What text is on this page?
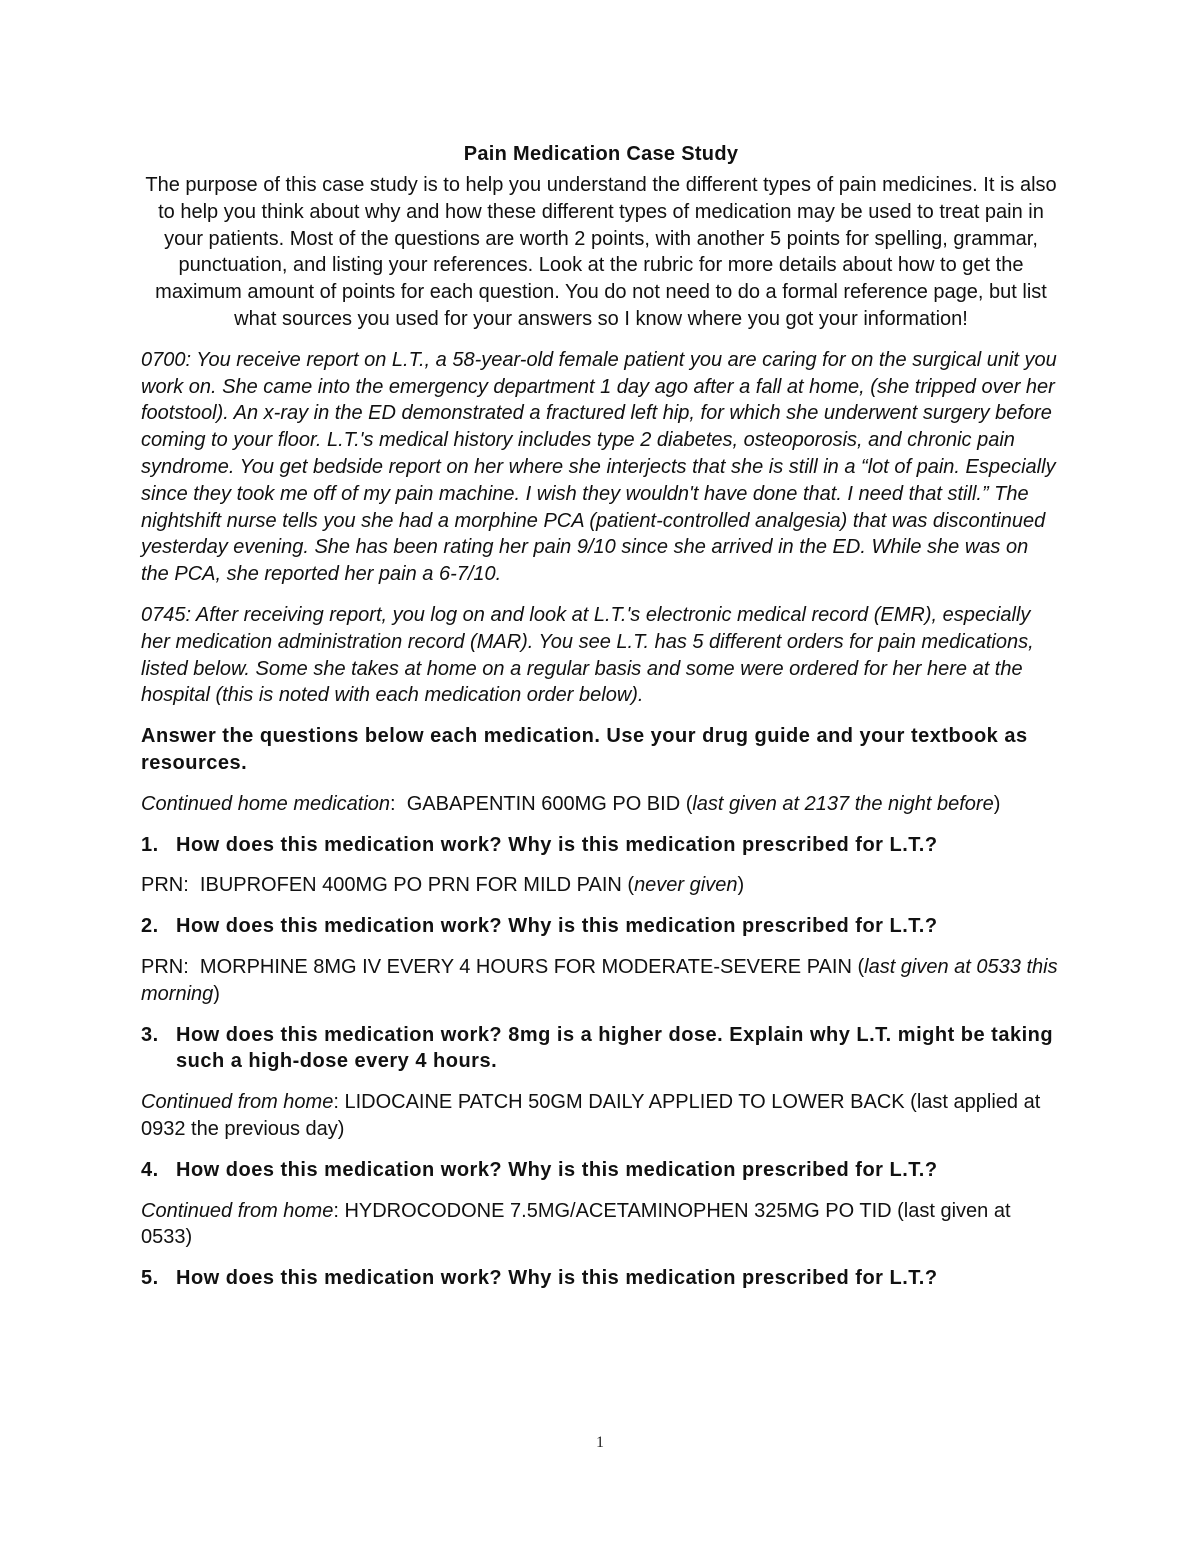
Pain Medication Case Study

The purpose of this case study is to help you understand the different types of pain medicines. It is also to help you think about why and how these different types of medication may be used to treat pain in your patients. Most of the questions are worth 2 points, with another 5 points for spelling, grammar, punctuation, and listing your references. Look at the rubric for more details about how to get the maximum amount of points for each question. You do not need to do a formal reference page, but list what sources you used for your answers so I know where you got your information!

0700: You receive report on L.T., a 58-year-old female patient you are caring for on the surgical unit you work on. She came into the emergency department 1 day ago after a fall at home, (she tripped over her footstool). An x-ray in the ED demonstrated a fractured left hip, for which she underwent surgery before coming to your floor. L.T.'s medical history includes type 2 diabetes, osteoporosis, and chronic pain syndrome. You get bedside report on her where she interjects that she is still in a “lot of pain. Especially since they took me off of my pain machine. I wish they wouldn't have done that. I need that still.” The nightshift nurse tells you she had a morphine PCA (patient-controlled analgesia) that was discontinued yesterday evening. She has been rating her pain 9/10 since she arrived in the ED. While she was on the PCA, she reported her pain a 6-7/10.

0745: After receiving report, you log on and look at L.T.'s electronic medical record (EMR), especially her medication administration record (MAR). You see L.T. has 5 different orders for pain medications, listed below. Some she takes at home on a regular basis and some were ordered for her here at the hospital (this is noted with each medication order below).

Answer the questions below each medication. Use your drug guide and your textbook as resources.

Continued home medication: GABAPENTIN 600MG PO BID (last given at 2137 the night before)

1. How does this medication work? Why is this medication prescribed for L.T.?

PRN: IBUPROFEN 400MG PO PRN FOR MILD PAIN (never given)

2. How does this medication work? Why is this medication prescribed for L.T.?

PRN: MORPHINE 8MG IV EVERY 4 HOURS FOR MODERATE-SEVERE PAIN (last given at 0533 this morning)

3. How does this medication work? 8mg is a higher dose. Explain why L.T. might be taking such a high-dose every 4 hours.

Continued from home: LIDOCAINE PATCH 50GM DAILY APPLIED TO LOWER BACK (last applied at 0932 the previous day)

4. How does this medication work? Why is this medication prescribed for L.T.?

Continued from home: HYDROCODONE 7.5MG/ACETAMINOPHEN 325MG PO TID (last given at 0533)

5. How does this medication work? Why is this medication prescribed for L.T.?
1
